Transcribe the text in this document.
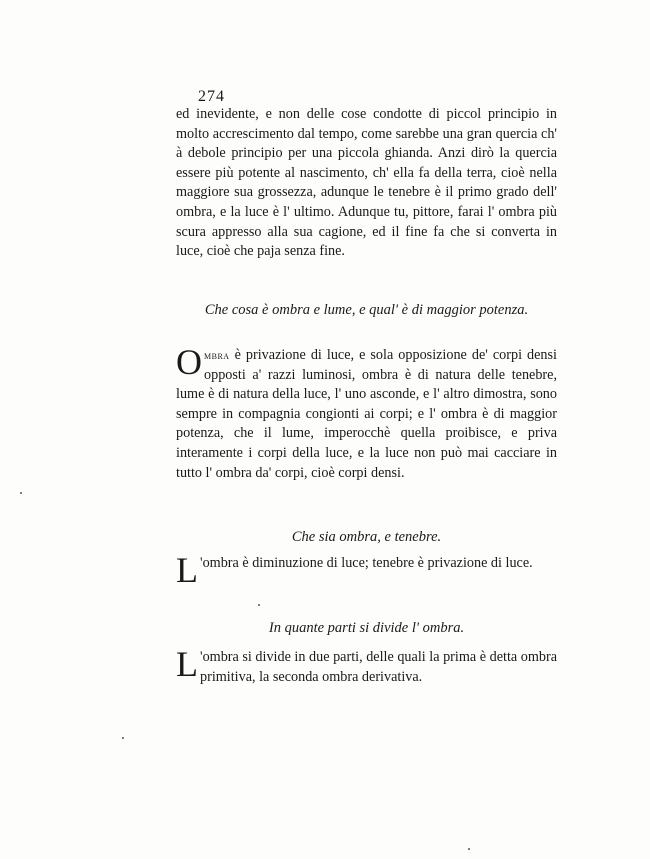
274

ed inevidente, e non delle cose condotte di piccol principio in molto accrescimento dal tempo, come sarebbe una gran quercia ch' à debole principio per una piccola ghianda. Anzi dirò la quercia essere più potente al nascimento, ch' ella fa della terra, cioè nella maggiore sua grossezza, adunque le tenebre è il primo grado dell' ombra, e la luce è l' ultimo. Adunque tu, pittore, farai l' ombra più scura appresso alla sua cagione, ed il fine fa che si converta in luce, cioè che paja senza fine.

Che cosa è ombra e lume, e qual' è di maggior potenza.

Ombra è privazione di luce, e sola opposizione de' corpi densi opposti a' razzi luminosi, ombra è di natura delle tenebre, lume è di natura della luce, l' uno asconde, e l' altro dimostra, sono sempre in compagnia congionti ai corpi; e l' ombra è di maggior potenza, che il lume, imperocchè quella proibisce, e priva interamente i corpi della luce, e la luce non può mai cacciare in tutto l' ombra da' corpi, cioè corpi densi.

Che sia ombra, e tenebre.

L 'ombra è diminuzione di luce; tenebre è privazione di luce.

In quante parti si divide l' ombra.

L 'ombra si divide in due parti, delle quali la prima è detta ombra primitiva, la seconda ombra derivativa.
